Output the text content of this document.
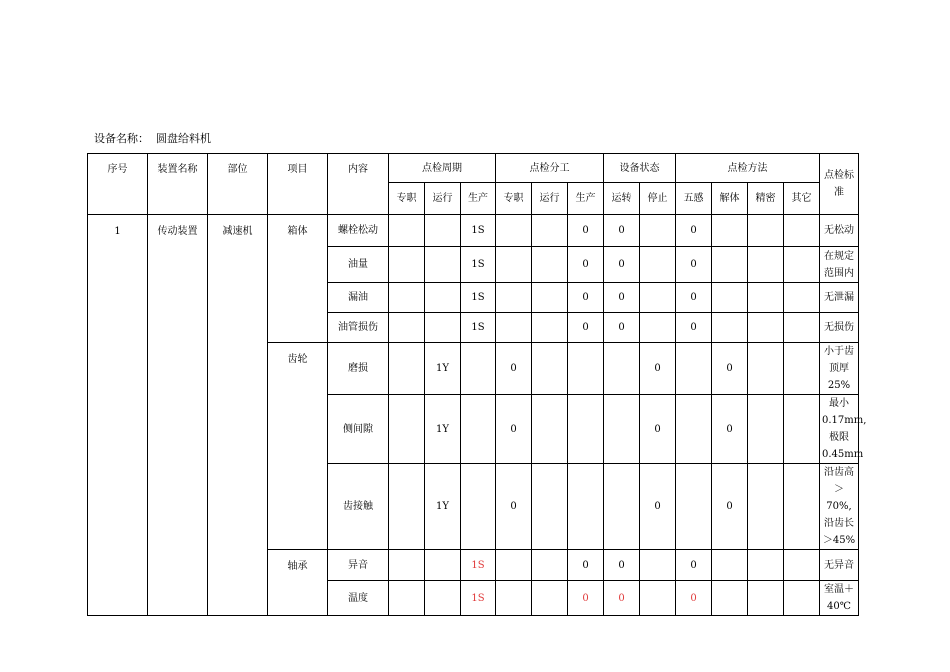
设备名称： 圆盘给料机
序号	装置名称	部位	项目	内容	点检周期			点检分工			设备状态		点检方法				点检标准
					专职	运行	生产	专职	运行	生产	运转	停止	五感	解体	精密	其它	
1	传动装置	减速机	箱体	螺栓松动			1S			0	0		0				无松动
				油量			1S			0	0		0				在规定范围内
				漏油			1S			0	0		0				无泄漏
				油管损伤			1S			0	0		0				无损伤
			齿轮	磨损		1Y		0				0		0			小于齿顶厚25%
				侧间隙		1Y		0				0		0			最小0.17mm,极限0.45mm
				齿接触		1Y		0				0		0			沿齿高＞70%,沿齿长＞45%
			轴承	异音			1S			0	0		0				无异音
				温度			1S			0	0		0				室温＋40℃
